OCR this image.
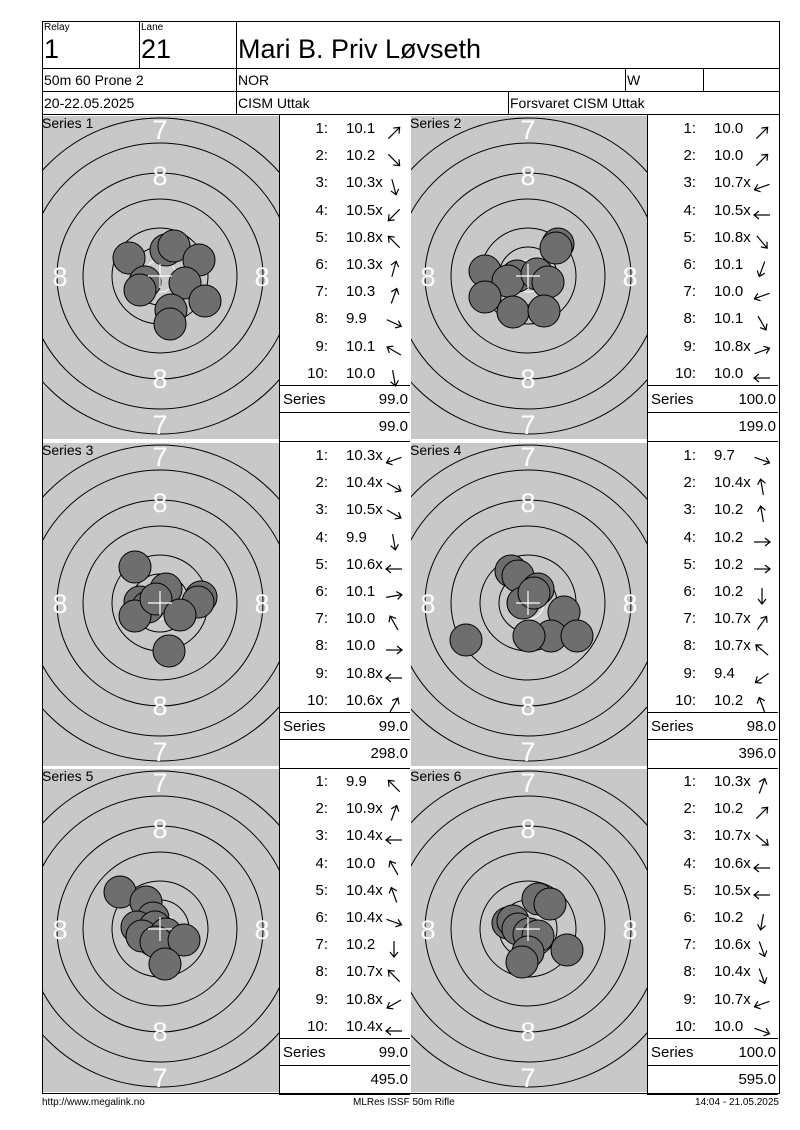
Relay
1
Lane
21 Mari B. Priv Løvseth
50m 60 Prone 2	NOR	W
20-22.05.2025	CISM Uttak	Forsvaret CISM Uttak
7
8
8	8
8
7
Series 1	1: 10.1
2: 10.2
3: 10.3x
4: 10.5x
5: 10.8x
6: 10.3x
7: 10.3
8: 9.9
9: 10.1
10: 10.0
Series	99.0
99.0
7
8
8	8
8
7
Series 2	1: 10.0
2: 10.0
3: 10.7x
4: 10.5x
5: 10.8x
6: 10.1
7: 10.0
8: 10.1
9: 10.8x
10: 10.0
Series	100.0
199.0
7
8
8	8
8
7
Series 3	1: 10.3x
2: 10.4x
3: 10.5x
4: 9.9
5: 10.6x
6: 10.1
7: 10.0
8: 10.0
9: 10.8x
10: 10.6x
Series	99.0
298.0
7
8
8	8
8
7
Series 4	1: 9.7
2: 10.4x
3: 10.2
4: 10.2
5: 10.2
6: 10.2
7: 10.7x
8: 10.7x
9: 9.4
10: 10.2
Series	98.0
396.0
7
8
8	8
8
7
Series 5	1: 9.9
2: 10.9x
3: 10.4x
4: 10.0
5: 10.4x
6: 10.4x
7: 10.2
8: 10.7x
9: 10.8x
10: 10.4x
Series	99.0
495.0
7
8
8	8
8
7
Series 6	1: 10.3x
2: 10.2
3: 10.7x
4: 10.6x
5: 10.5x
6: 10.2
7: 10.6x
8: 10.4x
9: 10.7x
10: 10.0
Series	100.0
595.0
http://www.megalink.no	MLRes ISSF 50m Rifle	14:04 - 21.05.2025
